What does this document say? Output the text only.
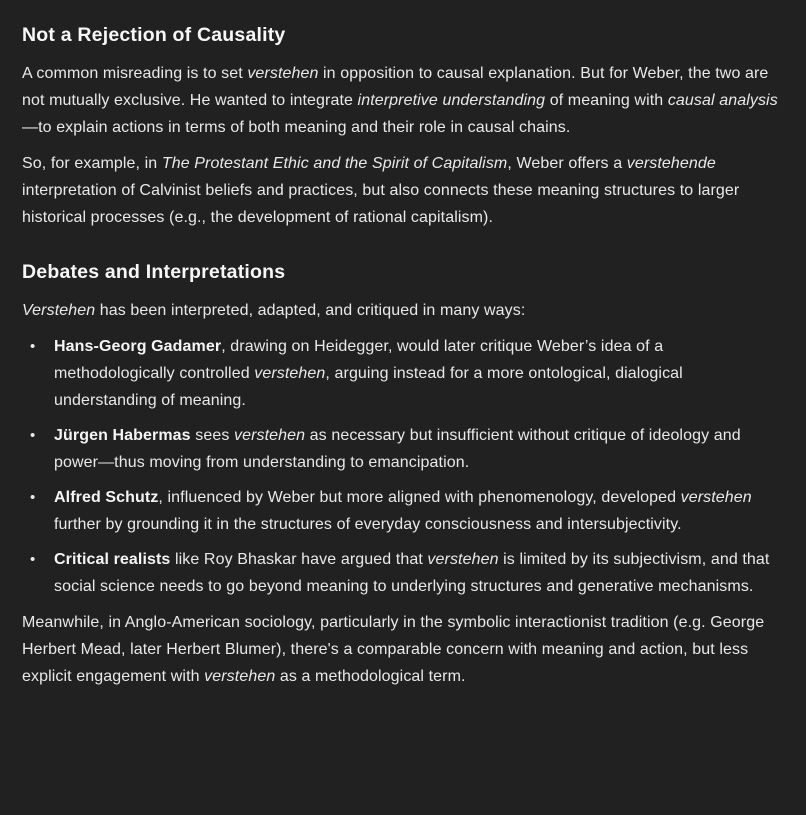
Not a Rejection of Causality

A common misreading is to set verstehen in opposition to causal explanation. But for Weber, the two are not mutually exclusive. He wanted to integrate interpretive understanding of meaning with causal analysis—to explain actions in terms of both meaning and their role in causal chains.

So, for example, in The Protestant Ethic and the Spirit of Capitalism, Weber offers a verstehende interpretation of Calvinist beliefs and practices, but also connects these meaning structures to larger historical processes (e.g., the development of rational capitalism).

Debates and Interpretations

Verstehen has been interpreted, adapted, and critiqued in many ways:

• Hans-Georg Gadamer, drawing on Heidegger, would later critique Weber’s idea of a methodologically controlled verstehen, arguing instead for a more ontological, dialogical understanding of meaning.
• Jürgen Habermas sees verstehen as necessary but insufficient without critique of ideology and power—thus moving from understanding to emancipation.
• Alfred Schutz, influenced by Weber but more aligned with phenomenology, developed verstehen further by grounding it in the structures of everyday consciousness and intersubjectivity.
• Critical realists like Roy Bhaskar have argued that verstehen is limited by its subjectivism, and that social science needs to go beyond meaning to underlying structures and generative mechanisms.

Meanwhile, in Anglo-American sociology, particularly in the symbolic interactionist tradition (e.g. George Herbert Mead, later Herbert Blumer), there's a comparable concern with meaning and action, but less explicit engagement with verstehen as a methodological term.
